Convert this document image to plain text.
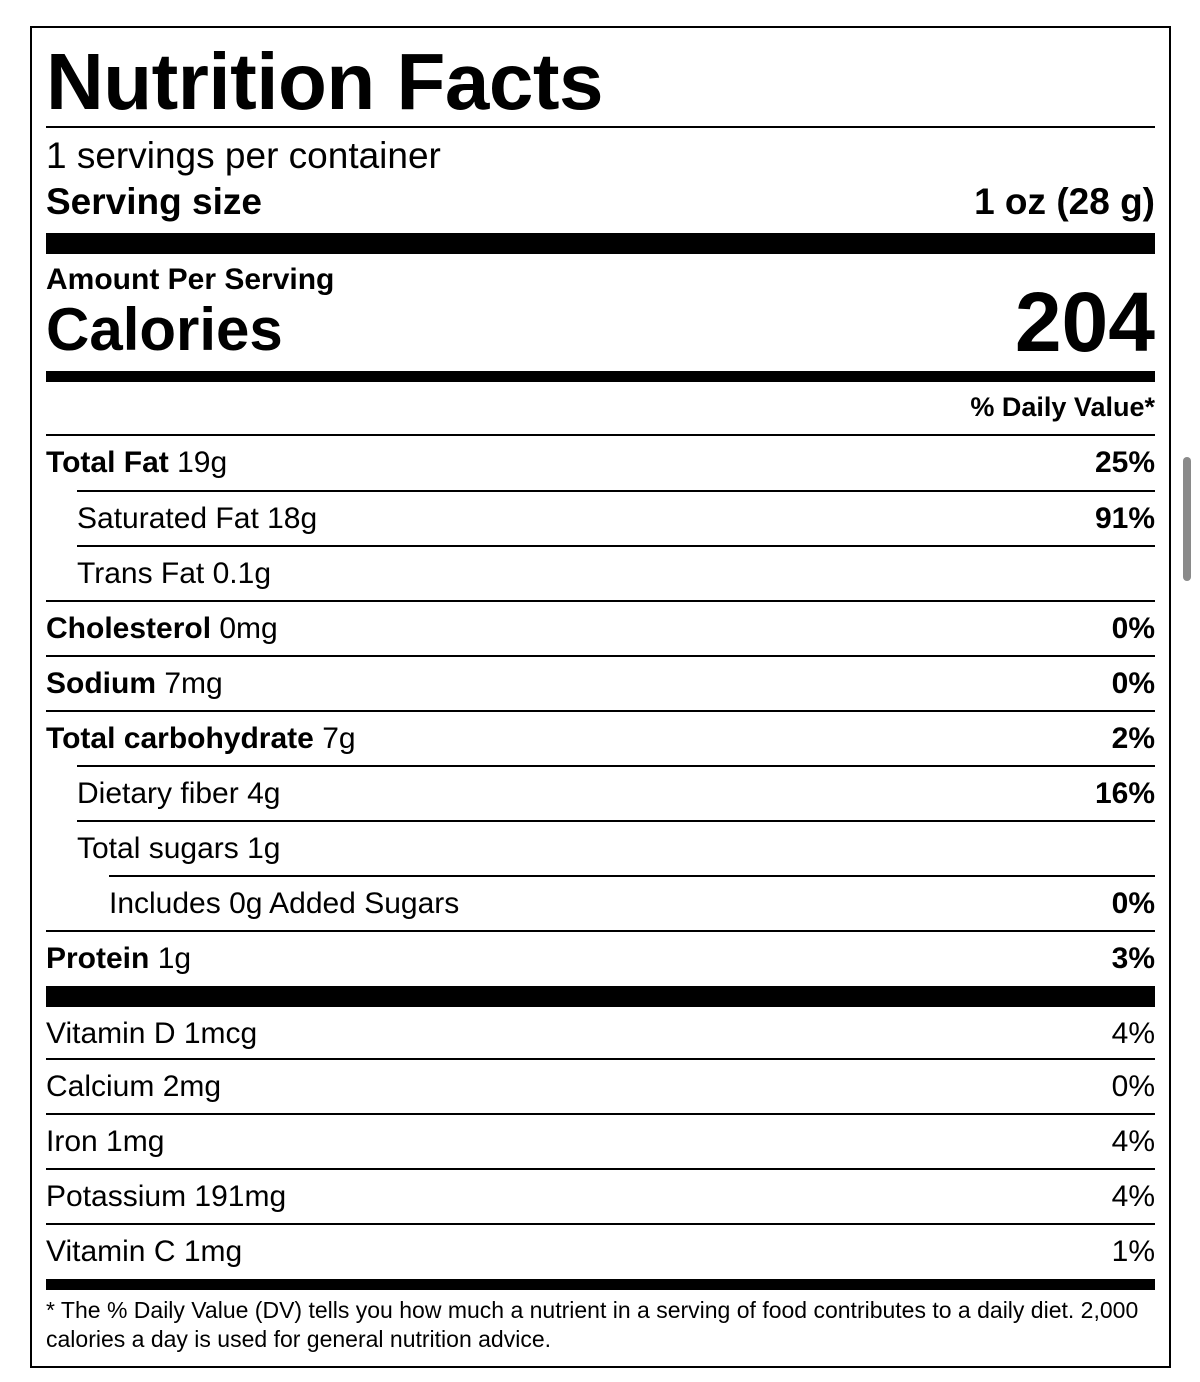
Nutrition Facts
1 servings per container
Serving size	1 oz (28 g)
Amount Per Serving
Calories	204
% Daily Value*
Total Fat 19g	25%
Saturated Fat 18g	91%
Trans Fat 0.1g
Cholesterol 0mg	0%
Sodium 7mg	0%
Total carbohydrate 7g	2%
Dietary fiber 4g	16%
Total sugars 1g
Includes 0g Added Sugars	0%
Protein 1g	3%
Vitamin D 1mcg	4%
Calcium 2mg	0%
Iron 1mg	4%
Potassium 191mg	4%
Vitamin C 1mg	1%
* The % Daily Value (DV) tells you how much a nutrient in a serving of food contributes to a daily diet. 2,000 calories a day is used for general nutrition advice.
